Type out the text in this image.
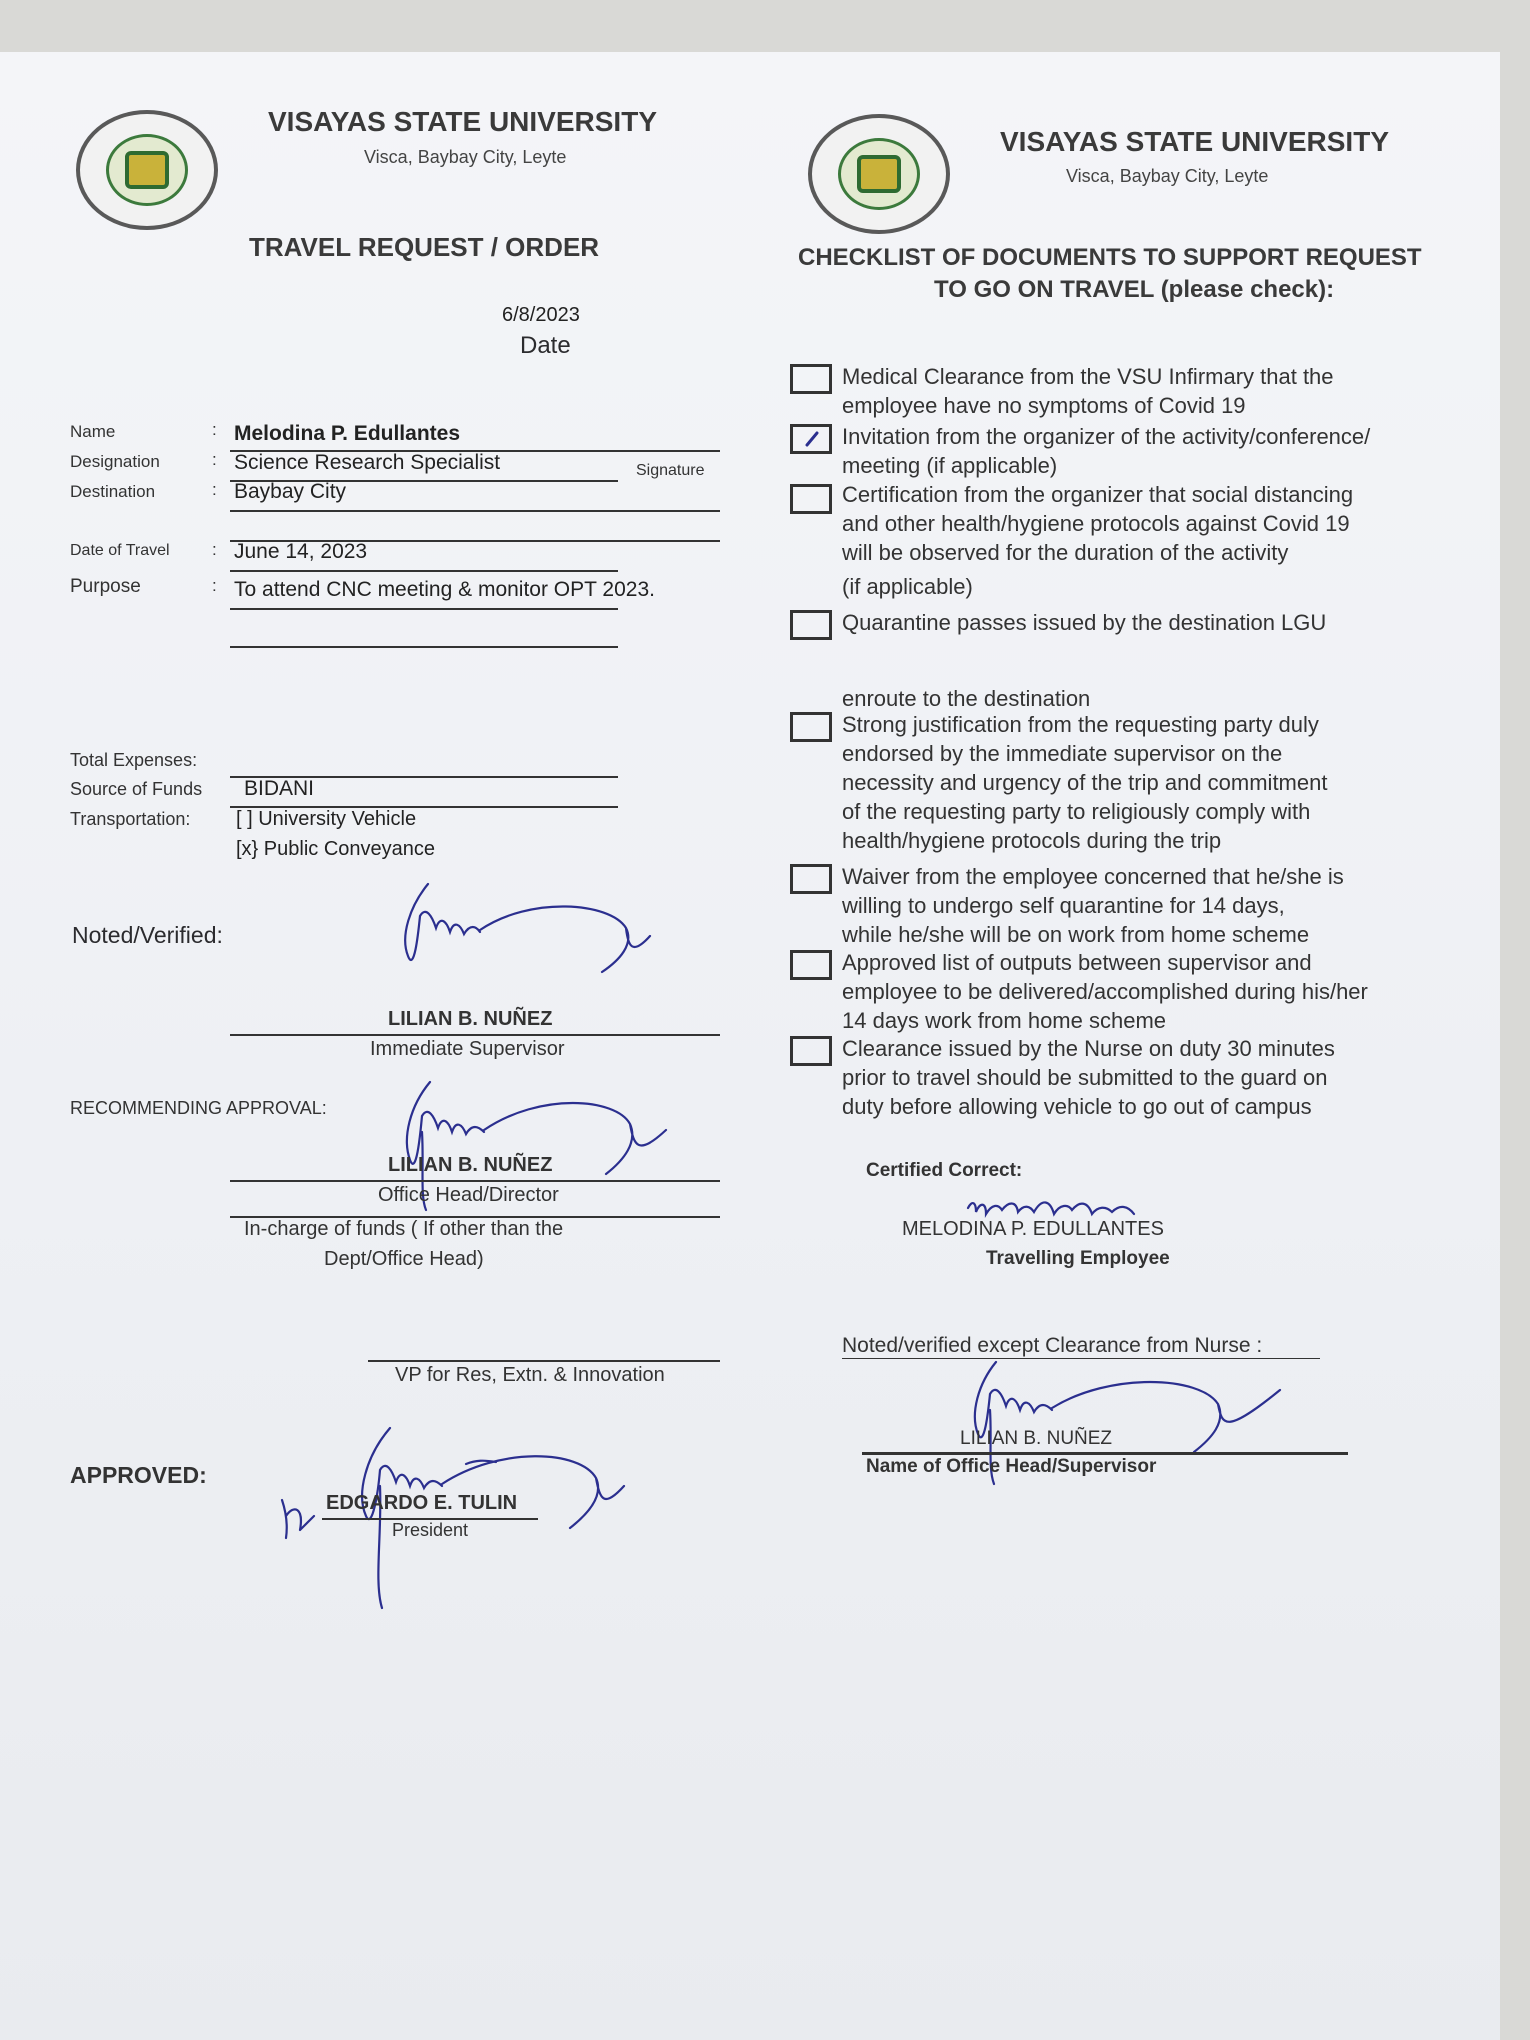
VISAYAS STATE UNIVERSITY
Visca, Baybay City, Leyte
TRAVEL REQUEST / ORDER
6/8/2023
Date
Name	: Melodina P. Edullantes
Signature
Designation	: Science Research Specialist
Destination	: Baybay City
Date of Travel : June 14, 2023
Purpose	: To attend CNC meeting & monitor OPT 2023.
Total Expenses:
Source of Funds BIDANI
Transportation: [ ] University Vehicle
[x} Public Conveyance
Noted/Verified:
LILIAN B. NUÑEZ
Immediate Supervisor
RECOMMENDING APPROVAL:
LILIAN B. NUÑEZ
Office Head/Director
In-charge of funds ( If other than the
Dept/Office Head)
VP for Res, Extn. & Innovation
APPROVED:
EDGARDO E. TULIN
President
VISAYAS STATE UNIVERSITY
Visca, Baybay City, Leyte
CHECKLIST OF DOCUMENTS TO SUPPORT REQUEST
TO GO ON TRAVEL (please check):
Medical Clearance from the VSU Infirmary that the
employee have no symptoms of Covid 19
Invitation from the organizer of the activity/conference/
meeting (if applicable)
Certification from the organizer that social distancing
and other health/hygiene protocols against Covid 19
will be observed for the duration of the activity
(if applicable)
Quarantine passes issued by the destination LGU
enroute to the destination
Strong justification from the requesting party duly
endorsed by the immediate supervisor on the
necessity and urgency of the trip and commitment
of the requesting party to religiously comply with
health/hygiene protocols during the trip
Waiver from the employee concerned that he/she is
willing to undergo self quarantine for 14 days,
while he/she will be on work from home scheme
Approved list of outputs between supervisor and
employee to be delivered/accomplished during his/her
14 days work from home scheme
Clearance issued by the Nurse on duty 30 minutes
prior to travel should be submitted to the guard on
duty before allowing vehicle to go out of campus
Certified Correct:
MELODINA P. EDULLANTES
Travelling Employee
Noted/verified except Clearance from Nurse :
LILIAN B. NUÑEZ
Name of Office Head/Supervisor
